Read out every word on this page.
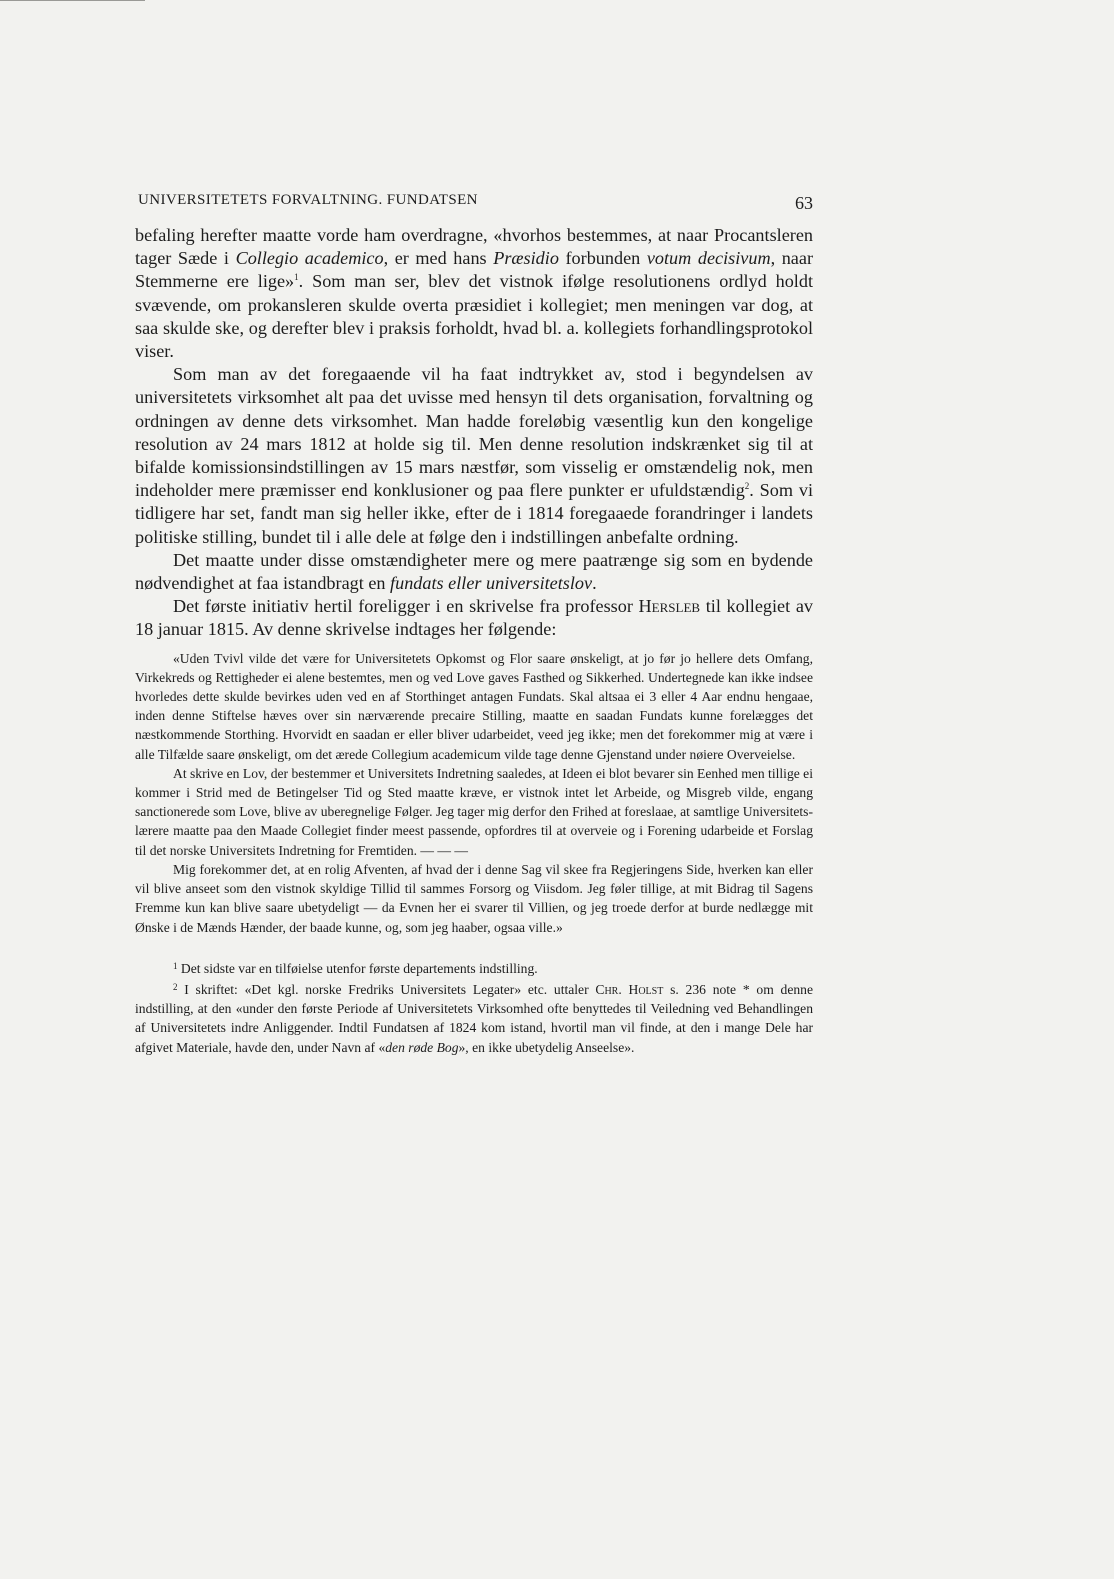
UNIVERSITETETS FORVALTNING. FUNDATSEN	63

befaling herefter maatte vorde ham overdragne, «hvorhos bestemmes, at naar Procantsleren tager Sæde i Collegio academico, er med hans Præsidio forbunden votum decisivum, naar Stemmerne ere lige»$^1$. Som man ser, blev det vistnok ifølge resolutionens ordlyd holdt svævende, om prokansleren skulde overta præsidiet i kollegiet; men meningen var dog, at saa skulde ske, og derefter blev i praksis forholdt, hvad bl. a. kollegiets forhandlingsprotokol viser.

Som man av det foregaaende vil ha faat indtrykket av, stod i begyndelsen av universitetets virksomhet alt paa det uvisse med hensyn til dets organisation, forvaltning og ordningen av denne dets virksomhet. Man hadde foreløbig væsentlig kun den kongelige resolution av 24 mars 1812 at holde sig til. Men denne resolution indskrænket sig til at bifalde komissionsindstillingen av 15 mars næstfør, som visselig er omstændelig nok, men indeholder mere præmisser end konklusioner og paa flere punkter er ufuldstændig$^2$. Som vi tidligere har set, fandt man sig heller ikke, efter de i 1814 foregaaede forandringer i landets politiske stilling, bundet til i alle dele at følge den i indstillingen anbefalte ordning.

Det maatte under disse omstændigheter mere og mere paatrænge sig som en bydende nødvendighet at faa istandbragt en fundats eller universitetslov.

Det første initiativ hertil foreligger i en skrivelse fra professor Hersleb til kollegiet av 18 januar 1815. Av denne skrivelse indtages her følgende:

«Uden Tvivl vilde det være for Universitetets Opkomst og Flor saare ønskeligt, at jo før jo hellere dets Omfang, Virkekreds og Rettigheder ei alene bestemtes, men og ved Love gaves Fasthed og Sikkerhed. Undertegnede kan ikke indsee hvorledes dette skulde bevirkes uden ved en af Storthinget antagen Fundats. Skal altsaa ei 3 eller 4 Aar endnu hengaae, inden denne Stiftelse hæves over sin nærværende precaire Stilling, maatte en saadan Fundats kunne forelægges det næstkommende Storthing. Hvorvidt en saadan er eller bliver udarbeidet, veed jeg ikke; men det forekommer mig at være i alle Tilfælde saare ønskeligt, om det ærede Collegium academicum vilde tage denne Gjenstand under nøiere Overveielse.

At skrive en Lov, der bestemmer et Universitets Indretning saaledes, at Ideen ei blot bevarer sin Eenhed men tillige ei kommer i Strid med de Betingelser Tid og Sted maatte kræve, er vistnok intet let Arbeide, og Misgreb vilde, engang sanctionerede som Love, blive av uberegnelige Følger. Jeg tager mig derfor den Frihed at foreslaae, at samtlige Universitetslærere maatte paa den Maade Collegiet finder meest passende, opfordres til at overveie og i Forening udarbeide et Forslag til det norske Universitets Indretning for Fremtiden. — — —

Mig forekommer det, at en rolig Afventen, af hvad der i denne Sag vil skee fra Regjeringens Side, hverken kan eller vil blive anseet som den vistnok skyldige Tillid til sammes Forsorg og Viisdom. Jeg føler tillige, at mit Bidrag til Sagens Fremme kun kan blive saare ubetydeligt — da Evnen her ei svarer til Villien, og jeg troede derfor at burde nedlægge mit Ønske i de Mænds Hænder, der baade kunne, og, som jeg haaber, ogsaa ville.»

$^1$ Det sidste var en tilføielse utenfor første departements indstilling.

$^2$ I skriftet: «Det kgl. norske Fredriks Universitets Legater» etc. uttaler Chr. Holst s. 236 note * om denne indstilling, at den «under den første Periode af Universitetets Virksomhed ofte benyttedes til Veiledning ved Behandlingen af Universitetets indre Anliggender. Indtil Fundatsen af 1824 kom istand, hvortil man vil finde, at den i mange Dele har afgivet Materiale, havde den, under Navn af «den røde Bog», en ikke ubetydelig Anseelse».
